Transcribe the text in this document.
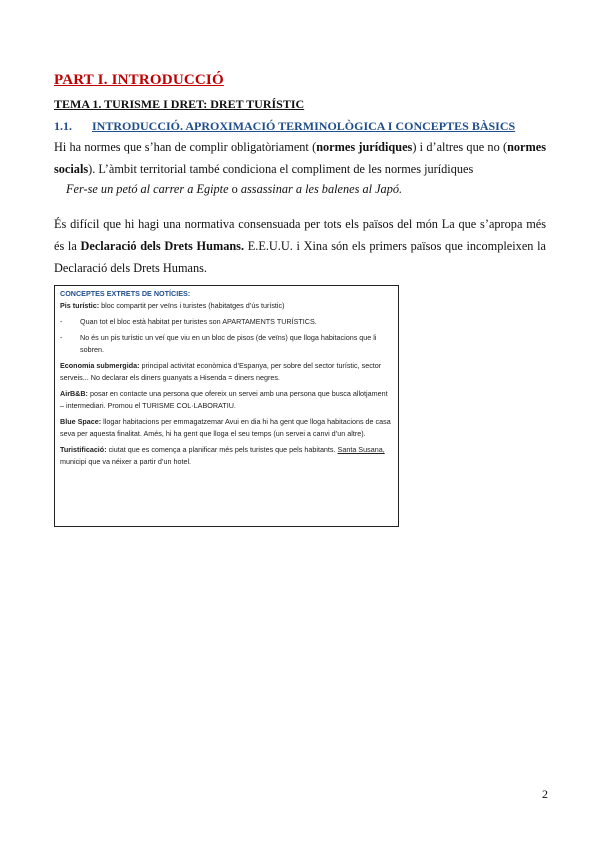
PART I. INTRODUCCIÓ
TEMA 1. TURISME I DRET: DRET TURÍSTIC
1.1. INTRODUCCIÓ. APROXIMACIÓ TERMINOLÒGICA I CONCEPTES BÀSICS
Hi ha normes que s’han de complir obligatòriament (normes jurídiques) i d’altres que no (normes socials). L’àmbit territorial també condiciona el compliment de les normes jurídiques
Fer-se un petó al carrer a Egipte o assassinar a les balenes al Japó.
És difícil que hi hagi una normativa consensuada per tots els països del món La que s’apropa més és la Declaració dels Drets Humans. E.E.U.U. i Xina són els primers països que incompleixen la Declaració dels Drets Humans.

CONCEPTES EXTRETS DE NOTÍCIES:

Pis turístic: bloc compartit per veïns i turistes (habitatges d’ús turístic)

- Quan tot el bloc està habitat per turistes son APARTAMENTS TURÍSTICS.

- No és un pis turístic un veí que viu en un bloc de pisos (de veïns) que lloga habitacions que li sobren.

Economia submergida: principal activitat econòmica d’Espanya, per sobre del sector turístic, sector serveis... No declarar els diners guanyats a Hisenda = diners negres.

AirB&B: posar en contacte una persona que ofereix un servei amb una persona que busca allotjament – intermediari. Promou el TURISME COL·LABORATIU.

Blue Space: llogar habitacions per emmagatzemar Avui en dia hi ha gent que lloga habitacions de casa seva per aquesta finalitat. Amés, hi ha gent que lloga el seu temps (un servei a canvi d’un altre).

Turistificació: ciutat que es comença a planificar més pels turistes que pels habitants. Santa Susana, municipi que va néixer a partir d’un hotel.

2
